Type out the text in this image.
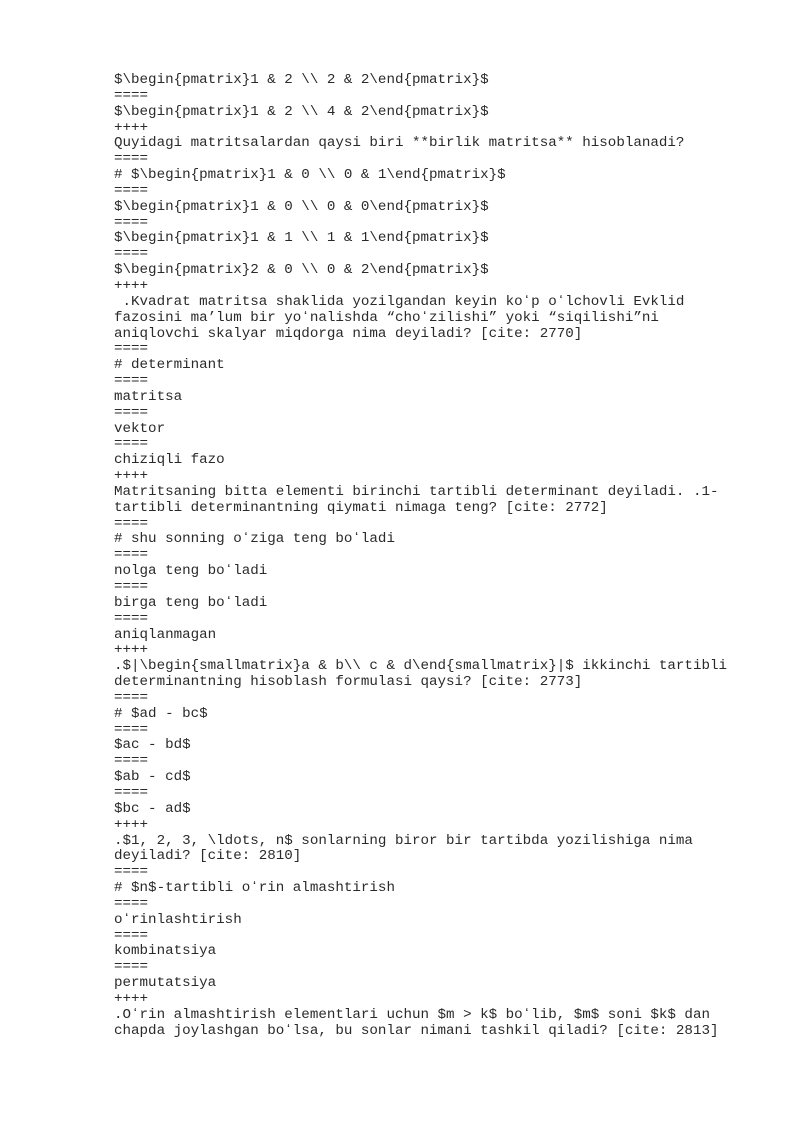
$\begin{pmatrix}1 & 2 \\ 2 & 2\end{pmatrix}$
====
$\begin{pmatrix}1 & 2 \\ 4 & 2\end{pmatrix}$
++++
Quyidagi matritsalardan qaysi biri **birlik matritsa** hisoblanadi?
====
# $\begin{pmatrix}1 & 0 \\ 0 & 1\end{pmatrix}$
====
$\begin{pmatrix}1 & 0 \\ 0 & 0\end{pmatrix}$
====
$\begin{pmatrix}1 & 1 \\ 1 & 1\end{pmatrix}$
====
$\begin{pmatrix}2 & 0 \\ 0 & 2\end{pmatrix}$
++++
.Kvadrat matritsa shaklida yozilgandan keyin koʻp oʻlchovli Evklid
fazosini ma’lum bir yoʻnalishda “choʻzilishi” yoki “siqilishi”ni
aniqlovchi skalyar miqdorga nima deyiladi? [cite: 2770]
====
# determinant
====
matritsa
====
vektor
====
chiziqli fazo
++++
Matritsaning bitta elementi birinchi tartibli determinant deyiladi. .1-
tartibli determinantning qiymati nimaga teng? [cite: 2772]
====
# shu sonning oʻziga teng boʻladi
====
nolga teng boʻladi
====
birga teng boʻladi
====
aniqlanmagan
++++
.$|\begin{smallmatrix}a & b\\ c & d\end{smallmatrix}|$ ikkinchi tartibli
determinantning hisoblash formulasi qaysi? [cite: 2773]
====
# $ad - bc$
====
$ac - bd$
====
$ab - cd$
====
$bc - ad$
++++
.$1, 2, 3, \ldots, n$ sonlarning biror bir tartibda yozilishiga nima
deyiladi? [cite: 2810]
====
# $n$-tartibli oʻrin almashtirish
====
oʻrinlashtirish
====
kombinatsiya
====
permutatsiya
++++
.Oʻrin almashtirish elementlari uchun $m > k$ boʻlib, $m$ soni $k$ dan
chapda joylashgan boʻlsa, bu sonlar nimani tashkil qiladi? [cite: 2813]
